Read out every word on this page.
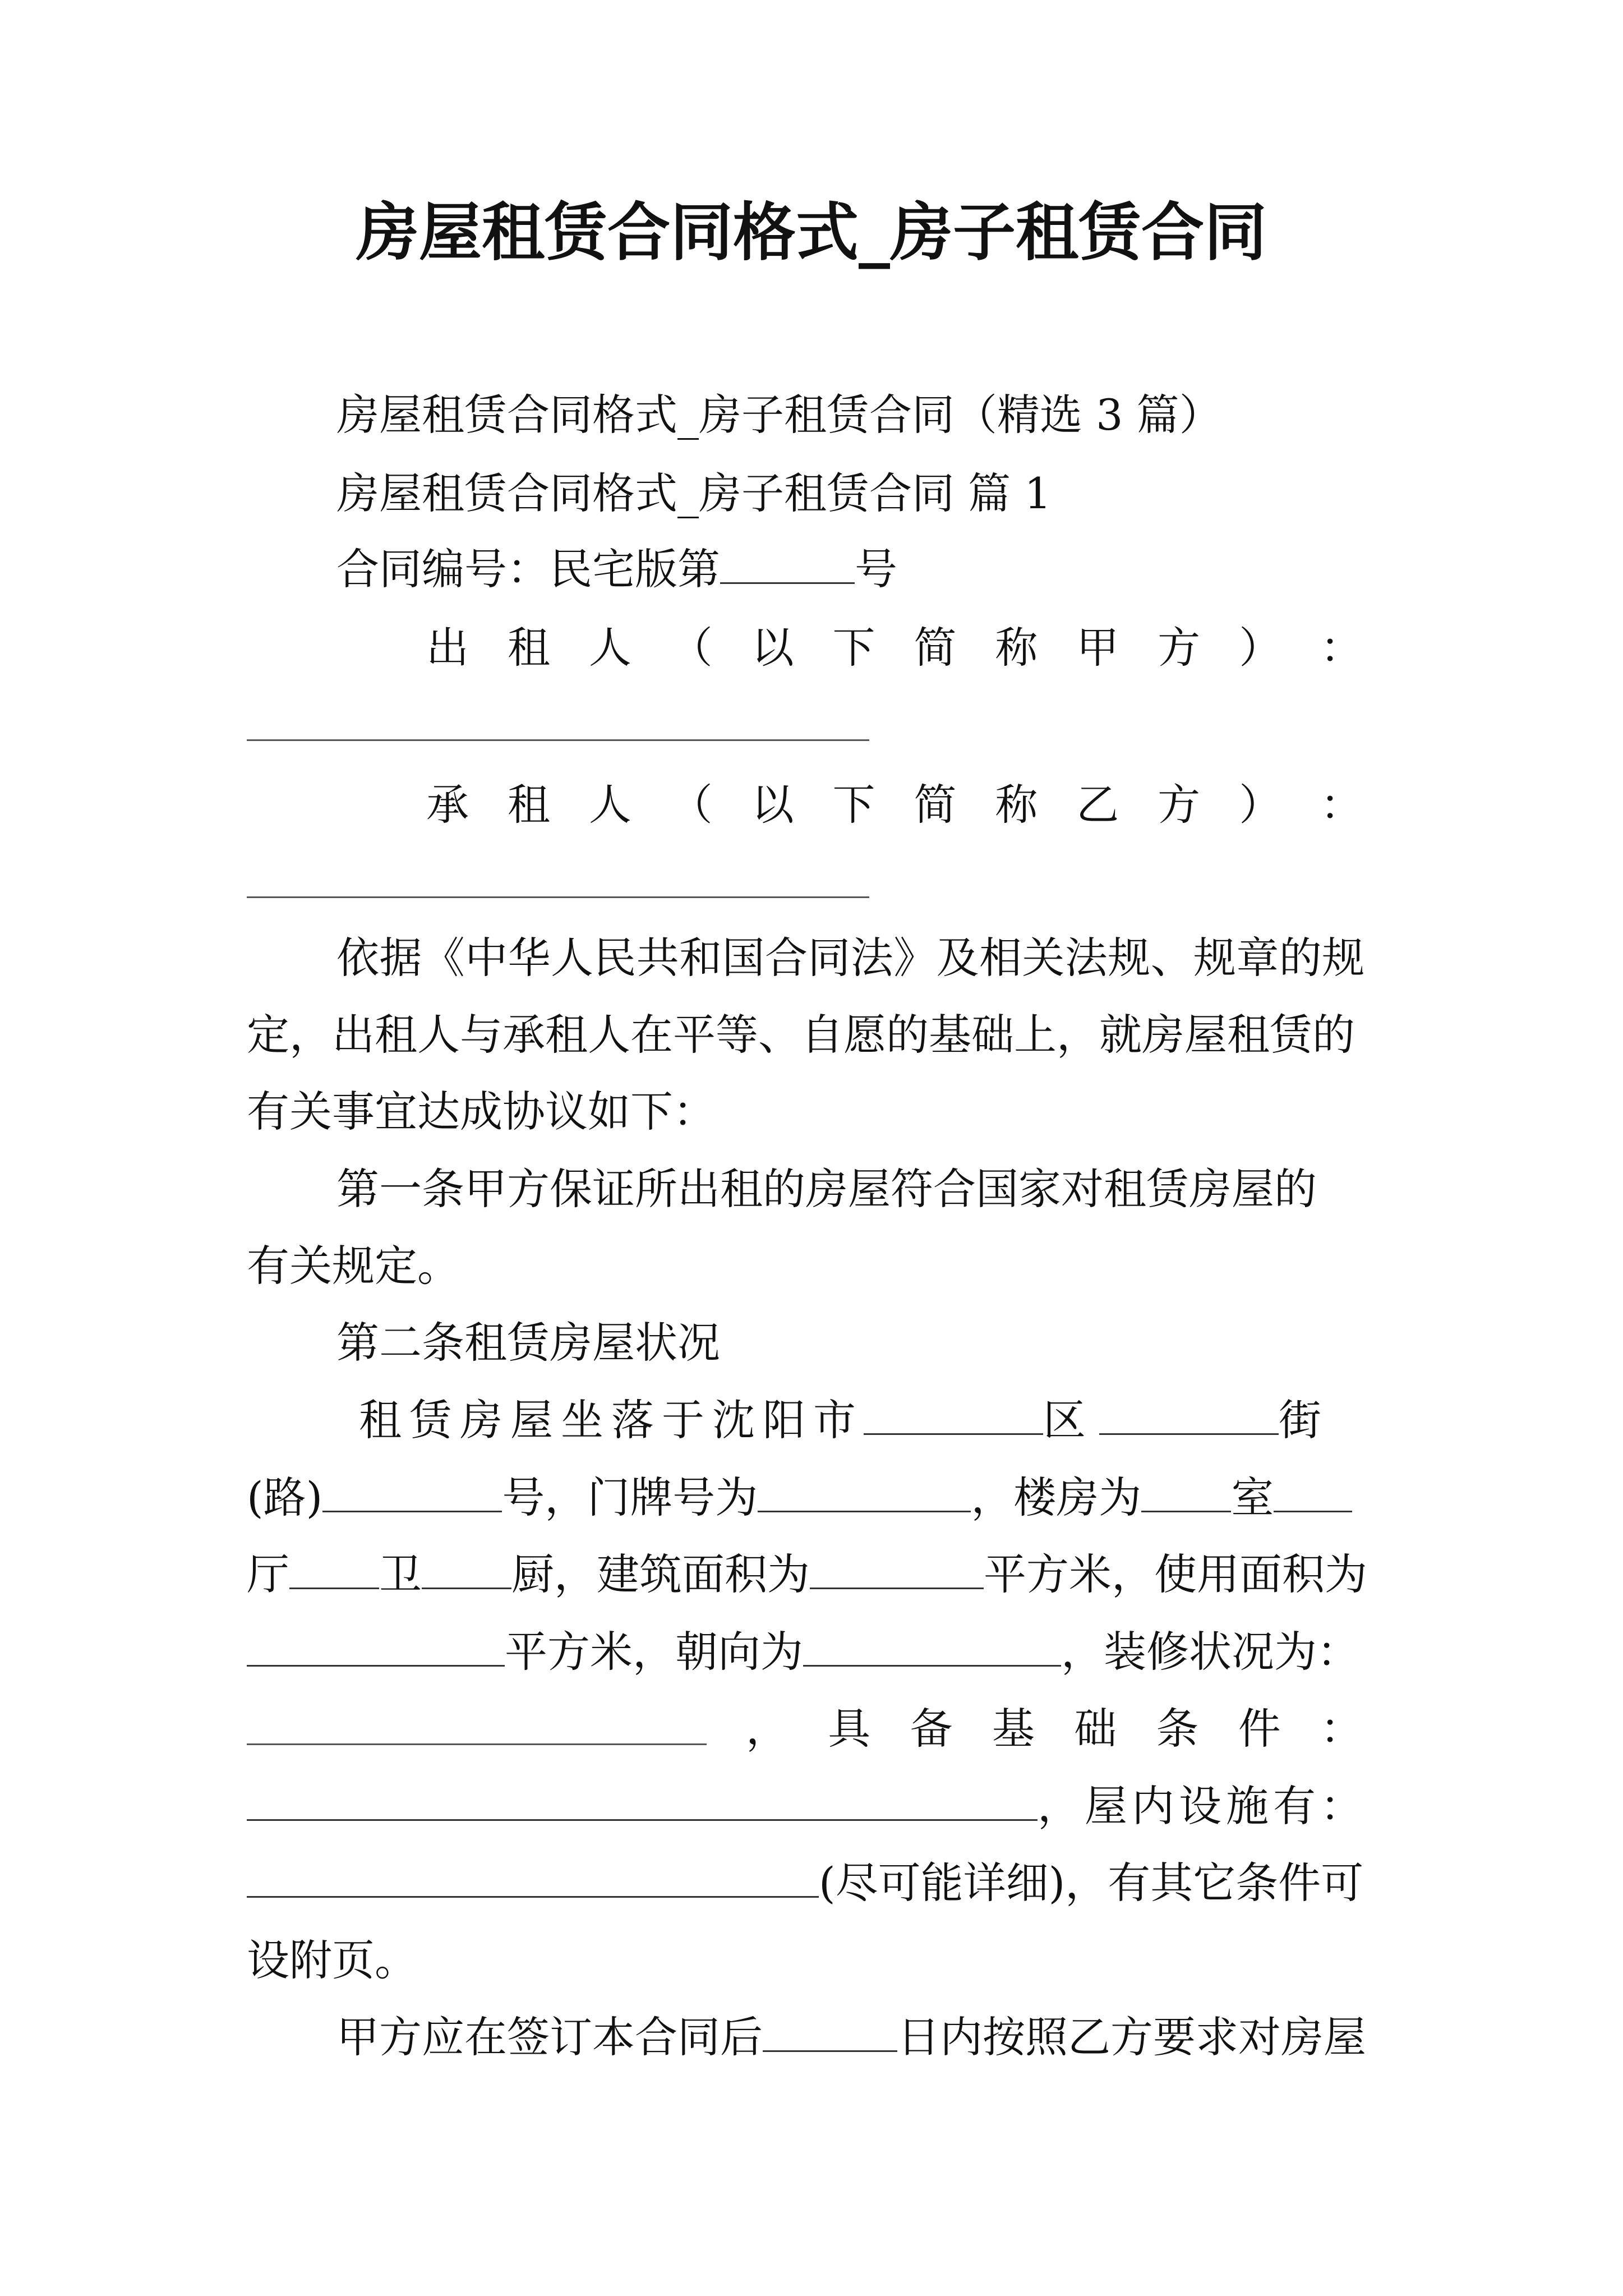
房屋租赁合同格式_房子租赁合同
房屋租赁合同格式_房子租赁合同（精选 3 篇）
房屋租赁合同格式_房子租赁合同 篇 1
合同编号：民宅版第	号
出 租 人 （ 以 下 简 称 甲 方 ） ：
承 租 人 （ 以 下 简 称 乙 方 ） ：
依据《中华人民共和国合同法》及相关法规、规章的规
定，出租人与承租人在平等、自愿的基础上，就房屋租赁的
有关事宜达成协议如下：
第一条甲方保证所出租的房屋符合国家对租赁房屋的
有关规定。
第二条租赁房屋状况
租赁房屋坐落于沈阳市	区	街
(路)	号，门牌号为	，楼房为 室
厅 卫 厨，建筑面积为	平方米，使用面积为
平方米，朝向为	，装修状况为：
， 具 备 基 础 条 件 ：
，屋内设施有：
(尽可能详细)，有其它条件可
设附页。
甲方应在签订本合同后	日内按照乙方要求对房屋
